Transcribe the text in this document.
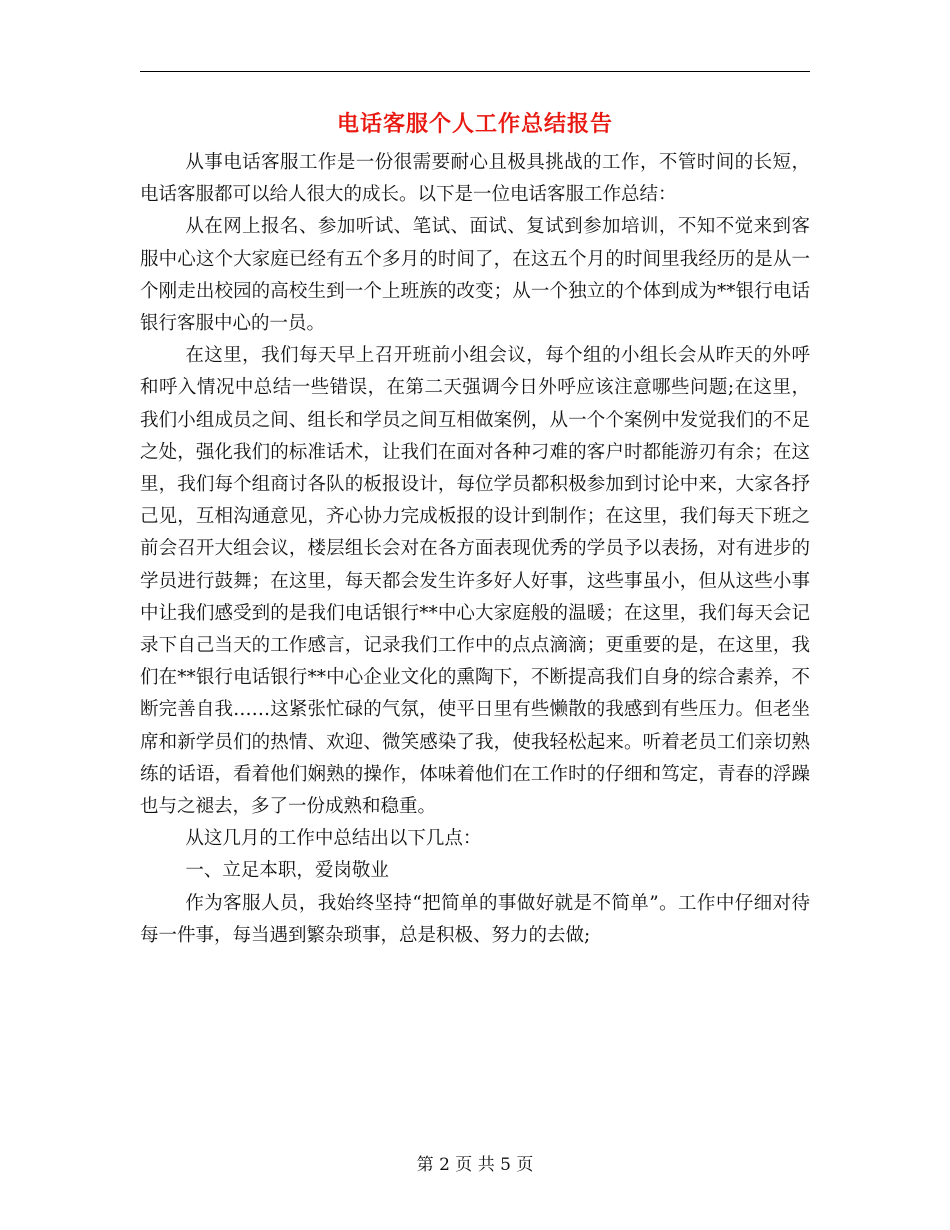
电话客服个人工作总结报告

从事电话客服工作是一份很需要耐心且极具挑战的工作，不管时间的长短，电话客服都可以给人很大的成长。以下是一位电话客服工作总结：

从在网上报名、参加听试、笔试、面试、复试到参加培训，不知不觉来到客服中心这个大家庭已经有五个多月的时间了，在这五个月的时间里我经历的是从一个刚走出校园的高校生到一个上班族的改变；从一个独立的个体到成为**银行电话银行客服中心的一员。

在这里，我们每天早上召开班前小组会议，每个组的小组长会从昨天的外呼和呼入情况中总结一些错误，在第二天强调今日外呼应该注意哪些问题;在这里，我们小组成员之间、组长和学员之间互相做案例，从一个个案例中发觉我们的不足之处，强化我们的标准话术，让我们在面对各种刁难的客户时都能游刃有余；在这里，我们每个组商讨各队的板报设计，每位学员都积极参加到讨论中来，大家各抒己见，互相沟通意见，齐心协力完成板报的设计到制作；在这里，我们每天下班之前会召开大组会议，楼层组长会对在各方面表现优秀的学员予以表扬，对有进步的学员进行鼓舞；在这里，每天都会发生许多好人好事，这些事虽小，但从这些小事中让我们感受到的是我们电话银行**中心大家庭般的温暖；在这里，我们每天会记录下自己当天的工作感言，记录我们工作中的点点滴滴；更重要的是，在这里，我们在**银行电话银行**中心企业文化的熏陶下，不断提高我们自身的综合素养，不断完善自我……这紧张忙碌的气氛，使平日里有些懒散的我感到有些压力。但老坐席和新学员们的热情、欢迎、微笑感染了我，使我轻松起来。听着老员工们亲切熟练的话语，看着他们娴熟的操作，体味着他们在工作时的仔细和笃定，青春的浮躁也与之褪去，多了一份成熟和稳重。

从这几月的工作中总结出以下几点：

一、立足本职，爱岗敬业

作为客服人员，我始终坚持“把简单的事做好就是不简单”。工作中仔细对待每一件事，每当遇到繁杂琐事，总是积极、努力的去做;

第 2 页 共 5 页
